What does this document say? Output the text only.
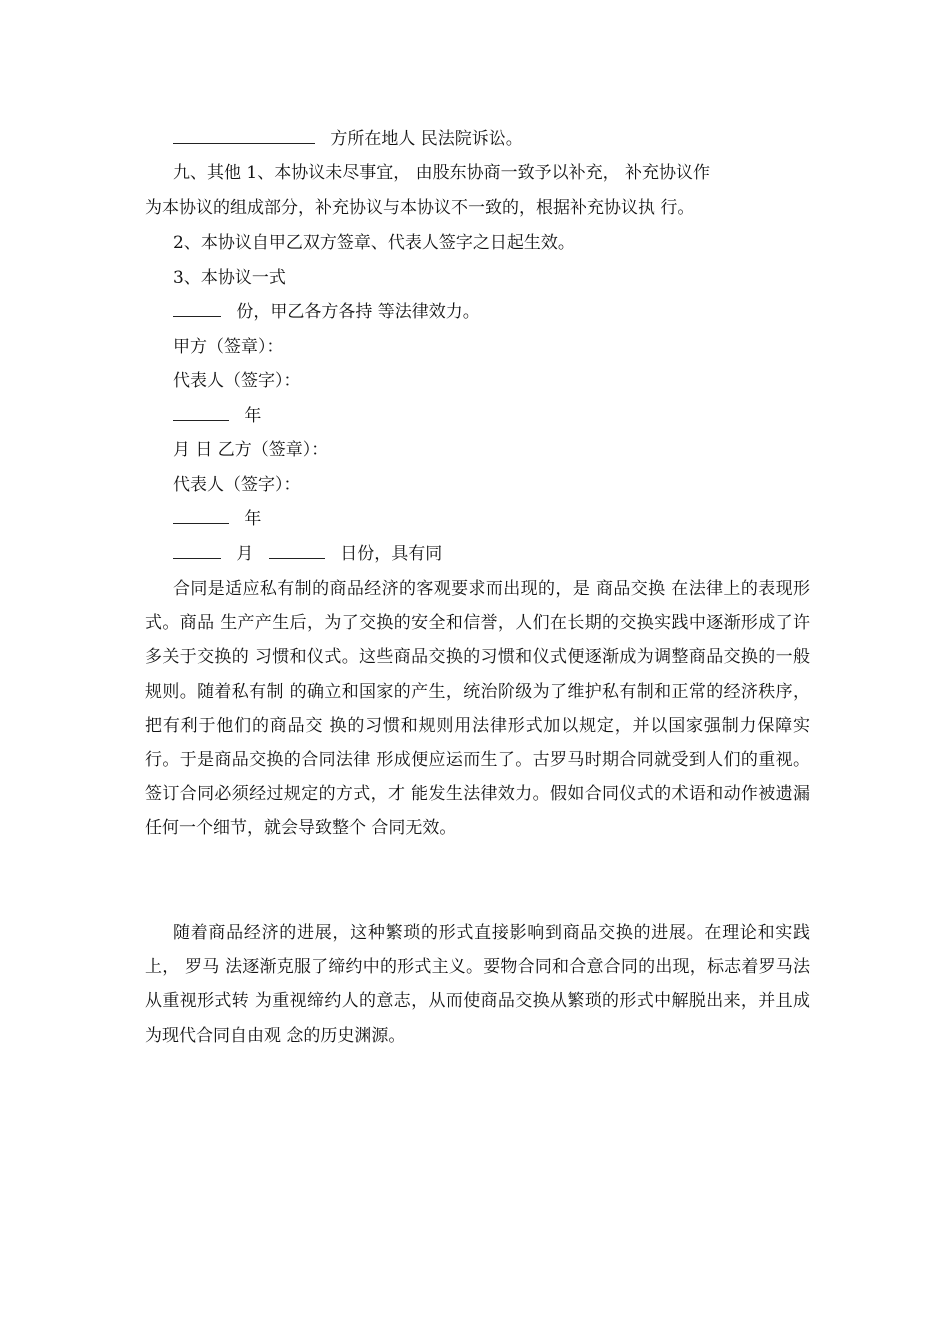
方所在地人 民法院诉讼。
九、其他 1、本协议未尽事宜， 由股东协商一致予以补充， 补充协议作
为本协议的组成部分，补充协议与本协议不一致的，根据补充协议执 行。
2、本协议自甲乙双方签章、代表人签字之日起生效。
3、本协议一式
份，甲乙各方各持 等法律效力。
甲方（签章）：
代表人（签字）：
年
月 日 乙方（签章）：
代表人（签字）：
年
月	日份，具有同
合同是适应私有制的商品经济的客观要求而出现的，是 商品交换 在法律上的表现形式。商品 生产产生后，为了交换的安全和信誉，人们在长期的交换实践中逐渐形成了许多关于交换的 习惯和仪式。这些商品交换的习惯和仪式便逐渐成为调整商品交换的一般规则。随着私有制 的确立和国家的产生，统治阶级为了维护私有制和正常的经济秩序，把有利于他们的商品交 换的习惯和规则用法律形式加以规定，并以国家强制力保障实行。于是商品交换的合同法律 形成便应运而生了。古罗马时期合同就受到人们的重视。签订合同必须经过规定的方式，才 能发生法律效力。假如合同仪式的术语和动作被遗漏任何一个细节，就会导致整个 合同无效。
随着商品经济的进展，这种繁琐的形式直接影响到商品交换的进展。在理论和实践上， 罗马 法逐渐克服了缔约中的形式主义。要物合同和合意合同的出现，标志着罗马法从重视形式转 为重视缔约人的意志，从而使商品交换从繁琐的形式中解脱出来，并且成为现代合同自由观 念的历史渊源。
